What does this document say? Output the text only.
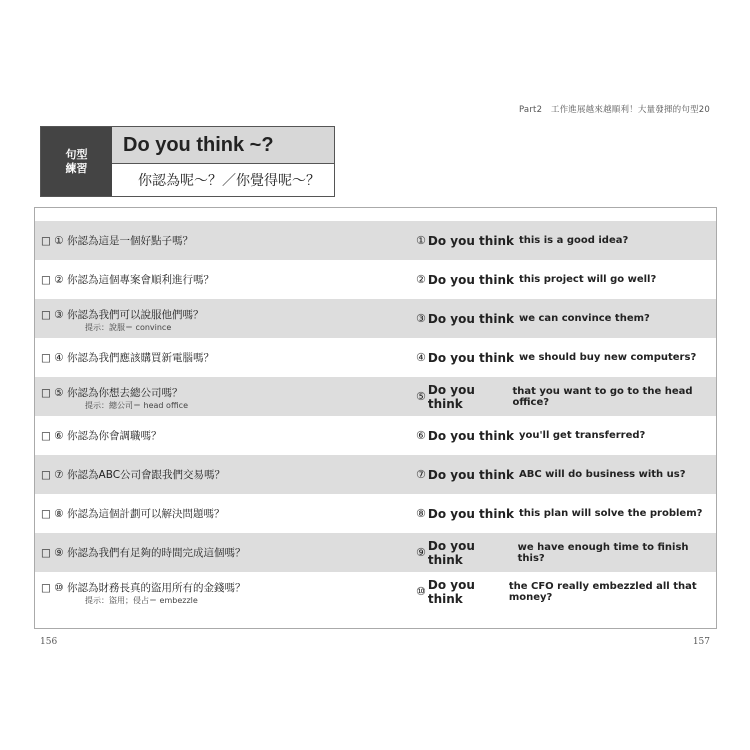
Part2　工作進展越來越順利！大量發揮的句型20
句型
練習
Do you think ~?
你認為呢～？／你覺得呢～？
□ ① 你認為這是一個好點子嗎？	① Do you think this is a good idea?
□ ② 你認為這個專案會順利進行嗎？	② Do you think this project will go well?
□ ③ 你認為我們可以說服他們嗎？
提示：說服＝ convince
③ Do you think we can convince them?
□ ④ 你認為我們應該購買新電腦嗎？	④ Do you think we should buy new computers?
□ ⑤ 你認為你想去總公司嗎？
提示：總公司＝ head office
⑤ Do you think
that you want to go to the head office?
□ ⑥ 你認為你會調職嗎？	⑥ Do you think you'll get transferred?
□ ⑦ 你認為ABC公司會跟我們交易嗎？	⑦ Do you think ABC will do business with us?
□ ⑧ 你認為這個計劃可以解決問題嗎？	⑧ Do you think this plan will solve the problem?
□ ⑨ 你認為我們有足夠的時間完成這個嗎？	⑨ Do you think
we have enough time to finish this?
□ ⑩ 你認為財務長真的盜用所有的金錢嗎？
提示：盜用；侵占＝ embezzle
⑩ Do you think
the CFO really embezzled all that money?
156	157
